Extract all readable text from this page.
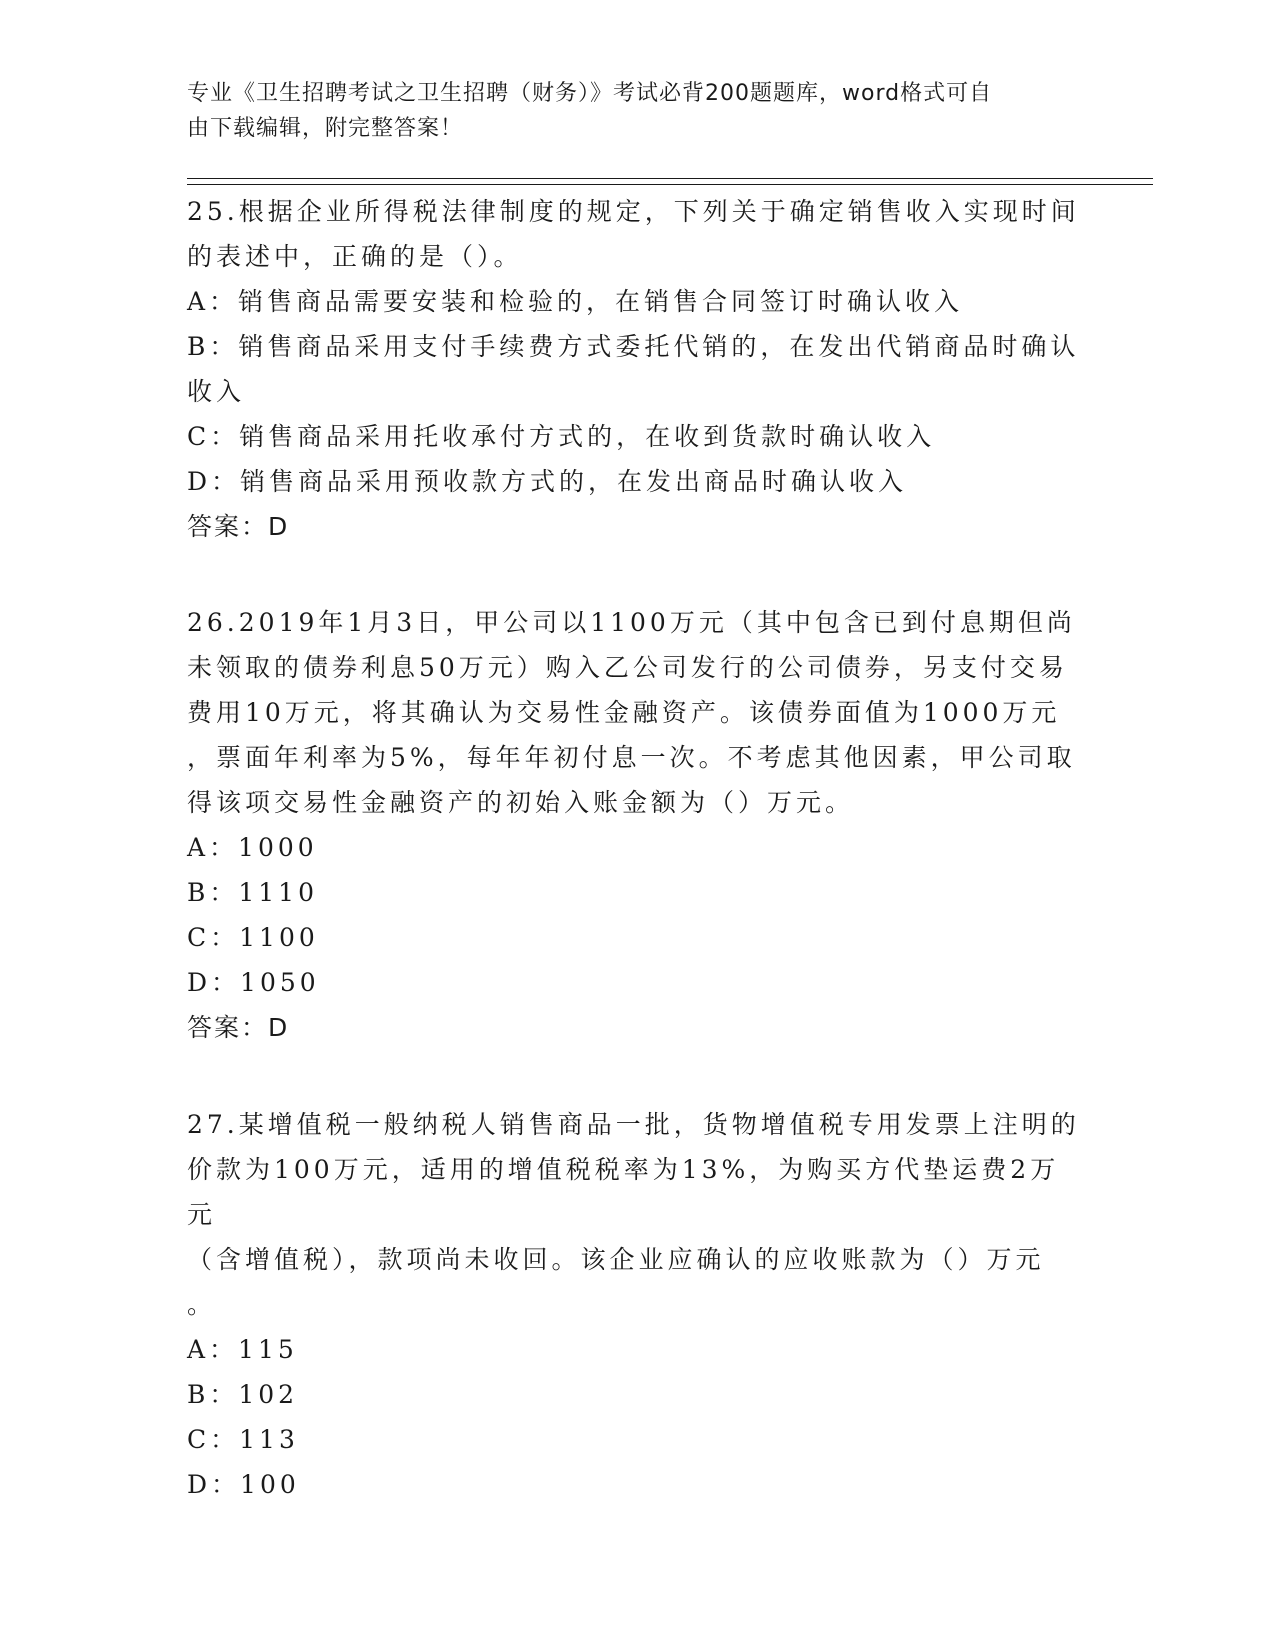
专业《卫生招聘考试之卫生招聘（财务）》考试必背200题题库，word格式可自
由下载编辑，附完整答案！

25.根据企业所得税法律制度的规定，下列关于确定销售收入实现时间

的表述中，正确的是（）。

A：销售商品需要安装和检验的，在销售合同签订时确认收入

B：销售商品采用支付手续费方式委托代销的，在发出代销商品时确认

收入

C：销售商品采用托收承付方式的，在收到货款时确认收入

D：销售商品采用预收款方式的，在发出商品时确认收入

答案：D

26.2019年1月3日，甲公司以1100万元（其中包含已到付息期但尚

未领取的债券利息50万元）购入乙公司发行的公司债券，另支付交易

费用10万元，将其确认为交易性金融资产。该债券面值为1000万元

，票面年利率为5%，每年年初付息一次。不考虑其他因素，甲公司取

得该项交易性金融资产的初始入账金额为（）万元。

A：1000

B：1110

C：1100

D：1050

答案：D

27.某增值税一般纳税人销售商品一批，货物增值税专用发票上注明的

价款为100万元，适用的增值税税率为13%，为购买方代垫运费2万元

（含增值税），款项尚未收回。该企业应确认的应收账款为（）万元

。

A：115

B：102

C：113

D：100
